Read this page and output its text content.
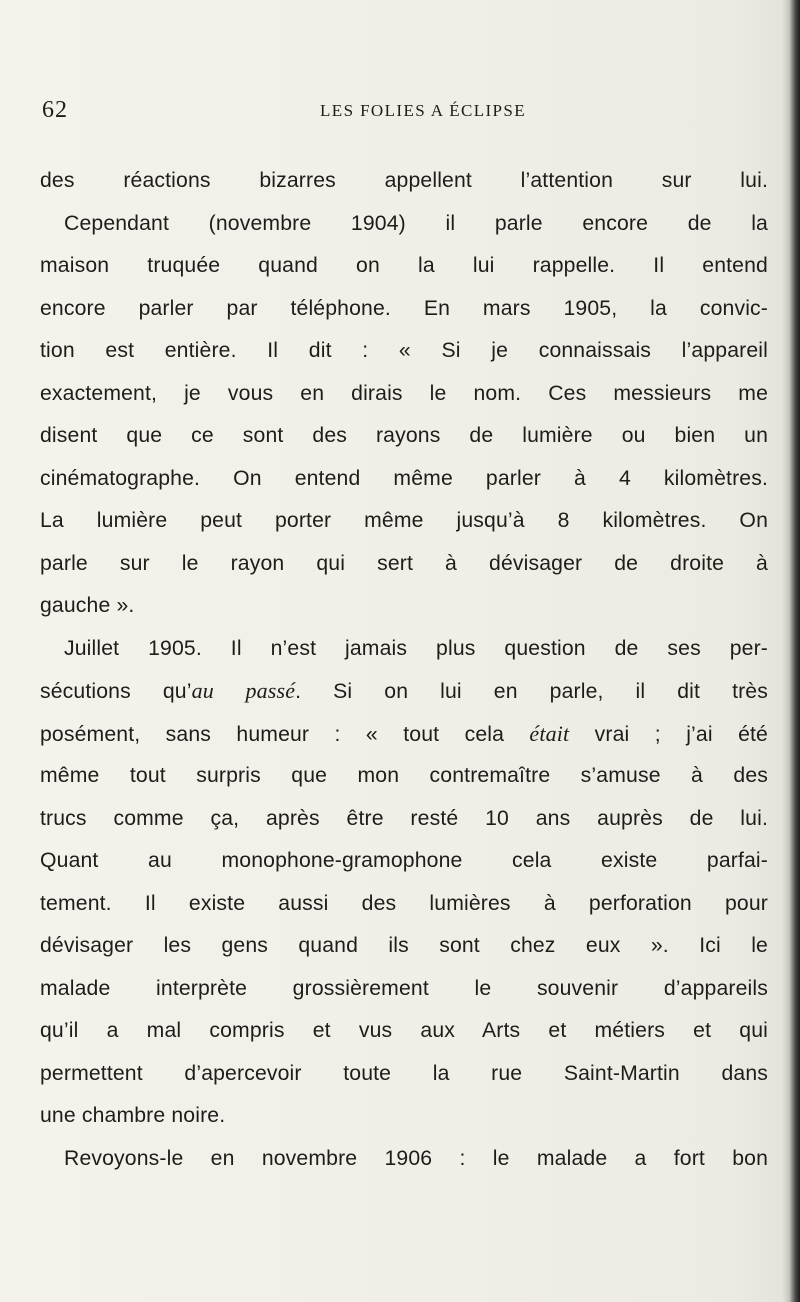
62	LES FOLIES A ÉCLIPSE
des réactions bizarres appellent l’attention sur lui.
Cependant (novembre 1904) il parle encore de la
maison truquée quand on la lui rappelle. Il entend
encore parler par téléphone. En mars 1905, la convic-
tion est entière. Il dit : « Si je connaissais l’appareil
exactement, je vous en dirais le nom. Ces messieurs me
disent que ce sont des rayons de lumière ou bien un
cinématographe. On entend même parler à 4 kilomètres.
La lumière peut porter même jusqu’à 8 kilomètres. On
parle sur le rayon qui sert à dévisager de droite à
gauche ».
Juillet 1905. Il n’est jamais plus question de ses per-
sécutions qu’au passé. Si on lui en parle, il dit très
posément, sans humeur : « tout cela était vrai ; j’ai été
même tout surpris que mon contremaître s’amuse à des
trucs comme ça, après être resté 10 ans auprès de lui.
Quant au monophone-gramophone cela existe parfai-
tement. Il existe aussi des lumières à perforation pour
dévisager les gens quand ils sont chez eux ». Ici le
malade interprète grossièrement le souvenir d’appareils
qu’il a mal compris et vus aux Arts et métiers et qui
permettent d’apercevoir toute la rue Saint-Martin dans
une chambre noire.
Revoyons-le en novembre 1906 : le malade a fort bon
